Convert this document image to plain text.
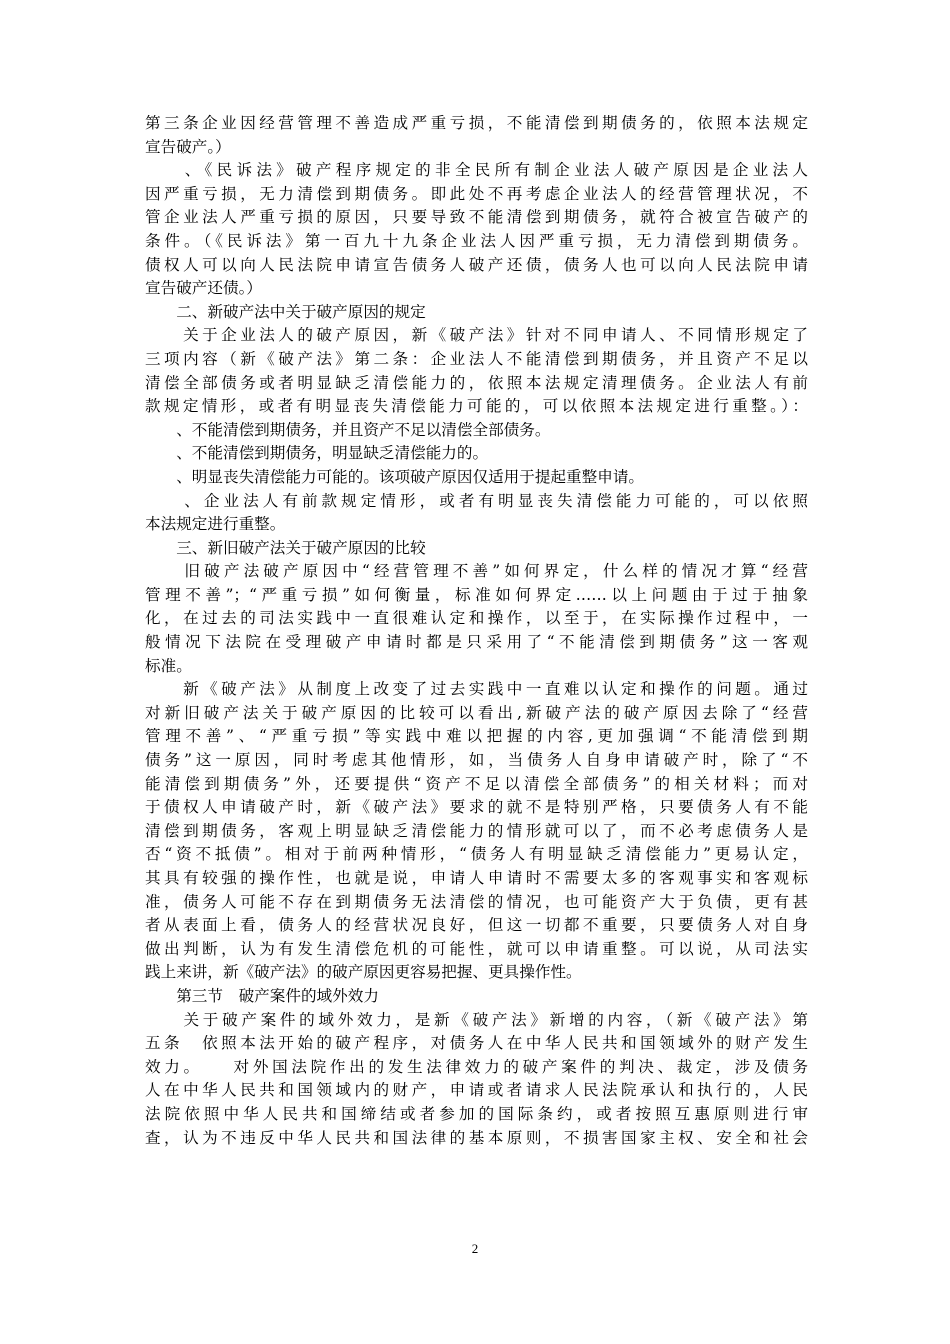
第三条企业因经营管理不善造成严重亏损，不能清偿到期债务的，依照本法规定
宣告破产。）
　　、《民诉法》破产程序规定的非全民所有制企业法人破产原因是企业法人
因严重亏损，无力清偿到期债务。即此处不再考虑企业法人的经营管理状况，不
管企业法人严重亏损的原因，只要导致不能清偿到期债务，就符合被宣告破产的
条件。（《民诉法》第一百九十九条企业法人因严重亏损，无力清偿到期债务。
债权人可以向人民法院申请宣告债务人破产还债，债务人也可以向人民法院申请
宣告破产还债。）
　　二、新破产法中关于破产原因的规定
　　关于企业法人的破产原因，新《破产法》针对不同申请人、不同情形规定了
三项内容（新《破产法》第二条：企业法人不能清偿到期债务，并且资产不足以
清偿全部债务或者明显缺乏清偿能力的，依照本法规定清理债务。企业法人有前
款规定情形，或者有明显丧失清偿能力可能的，可以依照本法规定进行重整。）：
　　、不能清偿到期债务，并且资产不足以清偿全部债务。
　　、不能清偿到期债务，明显缺乏清偿能力的。
　　、明显丧失清偿能力可能的。该项破产原因仅适用于提起重整申请。
　　、企业法人有前款规定情形，或者有明显丧失清偿能力可能的，可以依照
本法规定进行重整。
　　三、新旧破产法关于破产原因的比较
　　旧破产法破产原因中“经营管理不善”如何界定，什么样的情况才算“经营
管理不善”；“严重亏损”如何衡量，标准如何界定……以上问题由于过于抽象
化，在过去的司法实践中一直很难认定和操作，以至于，在实际操作过程中，一
般情况下法院在受理破产申请时都是只采用了“不能清偿到期债务”这一客观
标准。
　　新《破产法》从制度上改变了过去实践中一直难以认定和操作的问题。通过
对新旧破产法关于破产原因的比较可以看出,新破产法的破产原因去除了“经营
管理不善”、“严重亏损”等实践中难以把握的内容,更加强调“不能清偿到期
债务”这一原因，同时考虑其他情形，如，当债务人自身申请破产时，除了“不
能清偿到期债务”外，还要提供“资产不足以清偿全部债务”的相关材料；而对
于债权人申请破产时，新《破产法》要求的就不是特别严格，只要债务人有不能
清偿到期债务，客观上明显缺乏清偿能力的情形就可以了，而不必考虑债务人是
否“资不抵债”。相对于前两种情形，“债务人有明显缺乏清偿能力”更易认定，
其具有较强的操作性，也就是说，申请人申请时不需要太多的客观事实和客观标
准，债务人可能不存在到期债务无法清偿的情况，也可能资产大于负债，更有甚
者从表面上看，债务人的经营状况良好，但这一切都不重要，只要债务人对自身
做出判断，认为有发生清偿危机的可能性，就可以申请重整。可以说，从司法实
践上来讲，新《破产法》的破产原因更容易把握、更具操作性。
　　第三节　破产案件的域外效力
　　关于破产案件的域外效力，是新《破产法》新增的内容，（新《破产法》第
五条　依照本法开始的破产程序，对债务人在中华人民共和国领域外的财产发生
效力。　　对外国法院作出的发生法律效力的破产案件的判决、裁定，涉及债务
人在中华人民共和国领域内的财产，申请或者请求人民法院承认和执行的，人民
法院依照中华人民共和国缔结或者参加的国际条约，或者按照互惠原则进行审
查，认为不违反中华人民共和国法律的基本原则，不损害国家主权、安全和社会
2
